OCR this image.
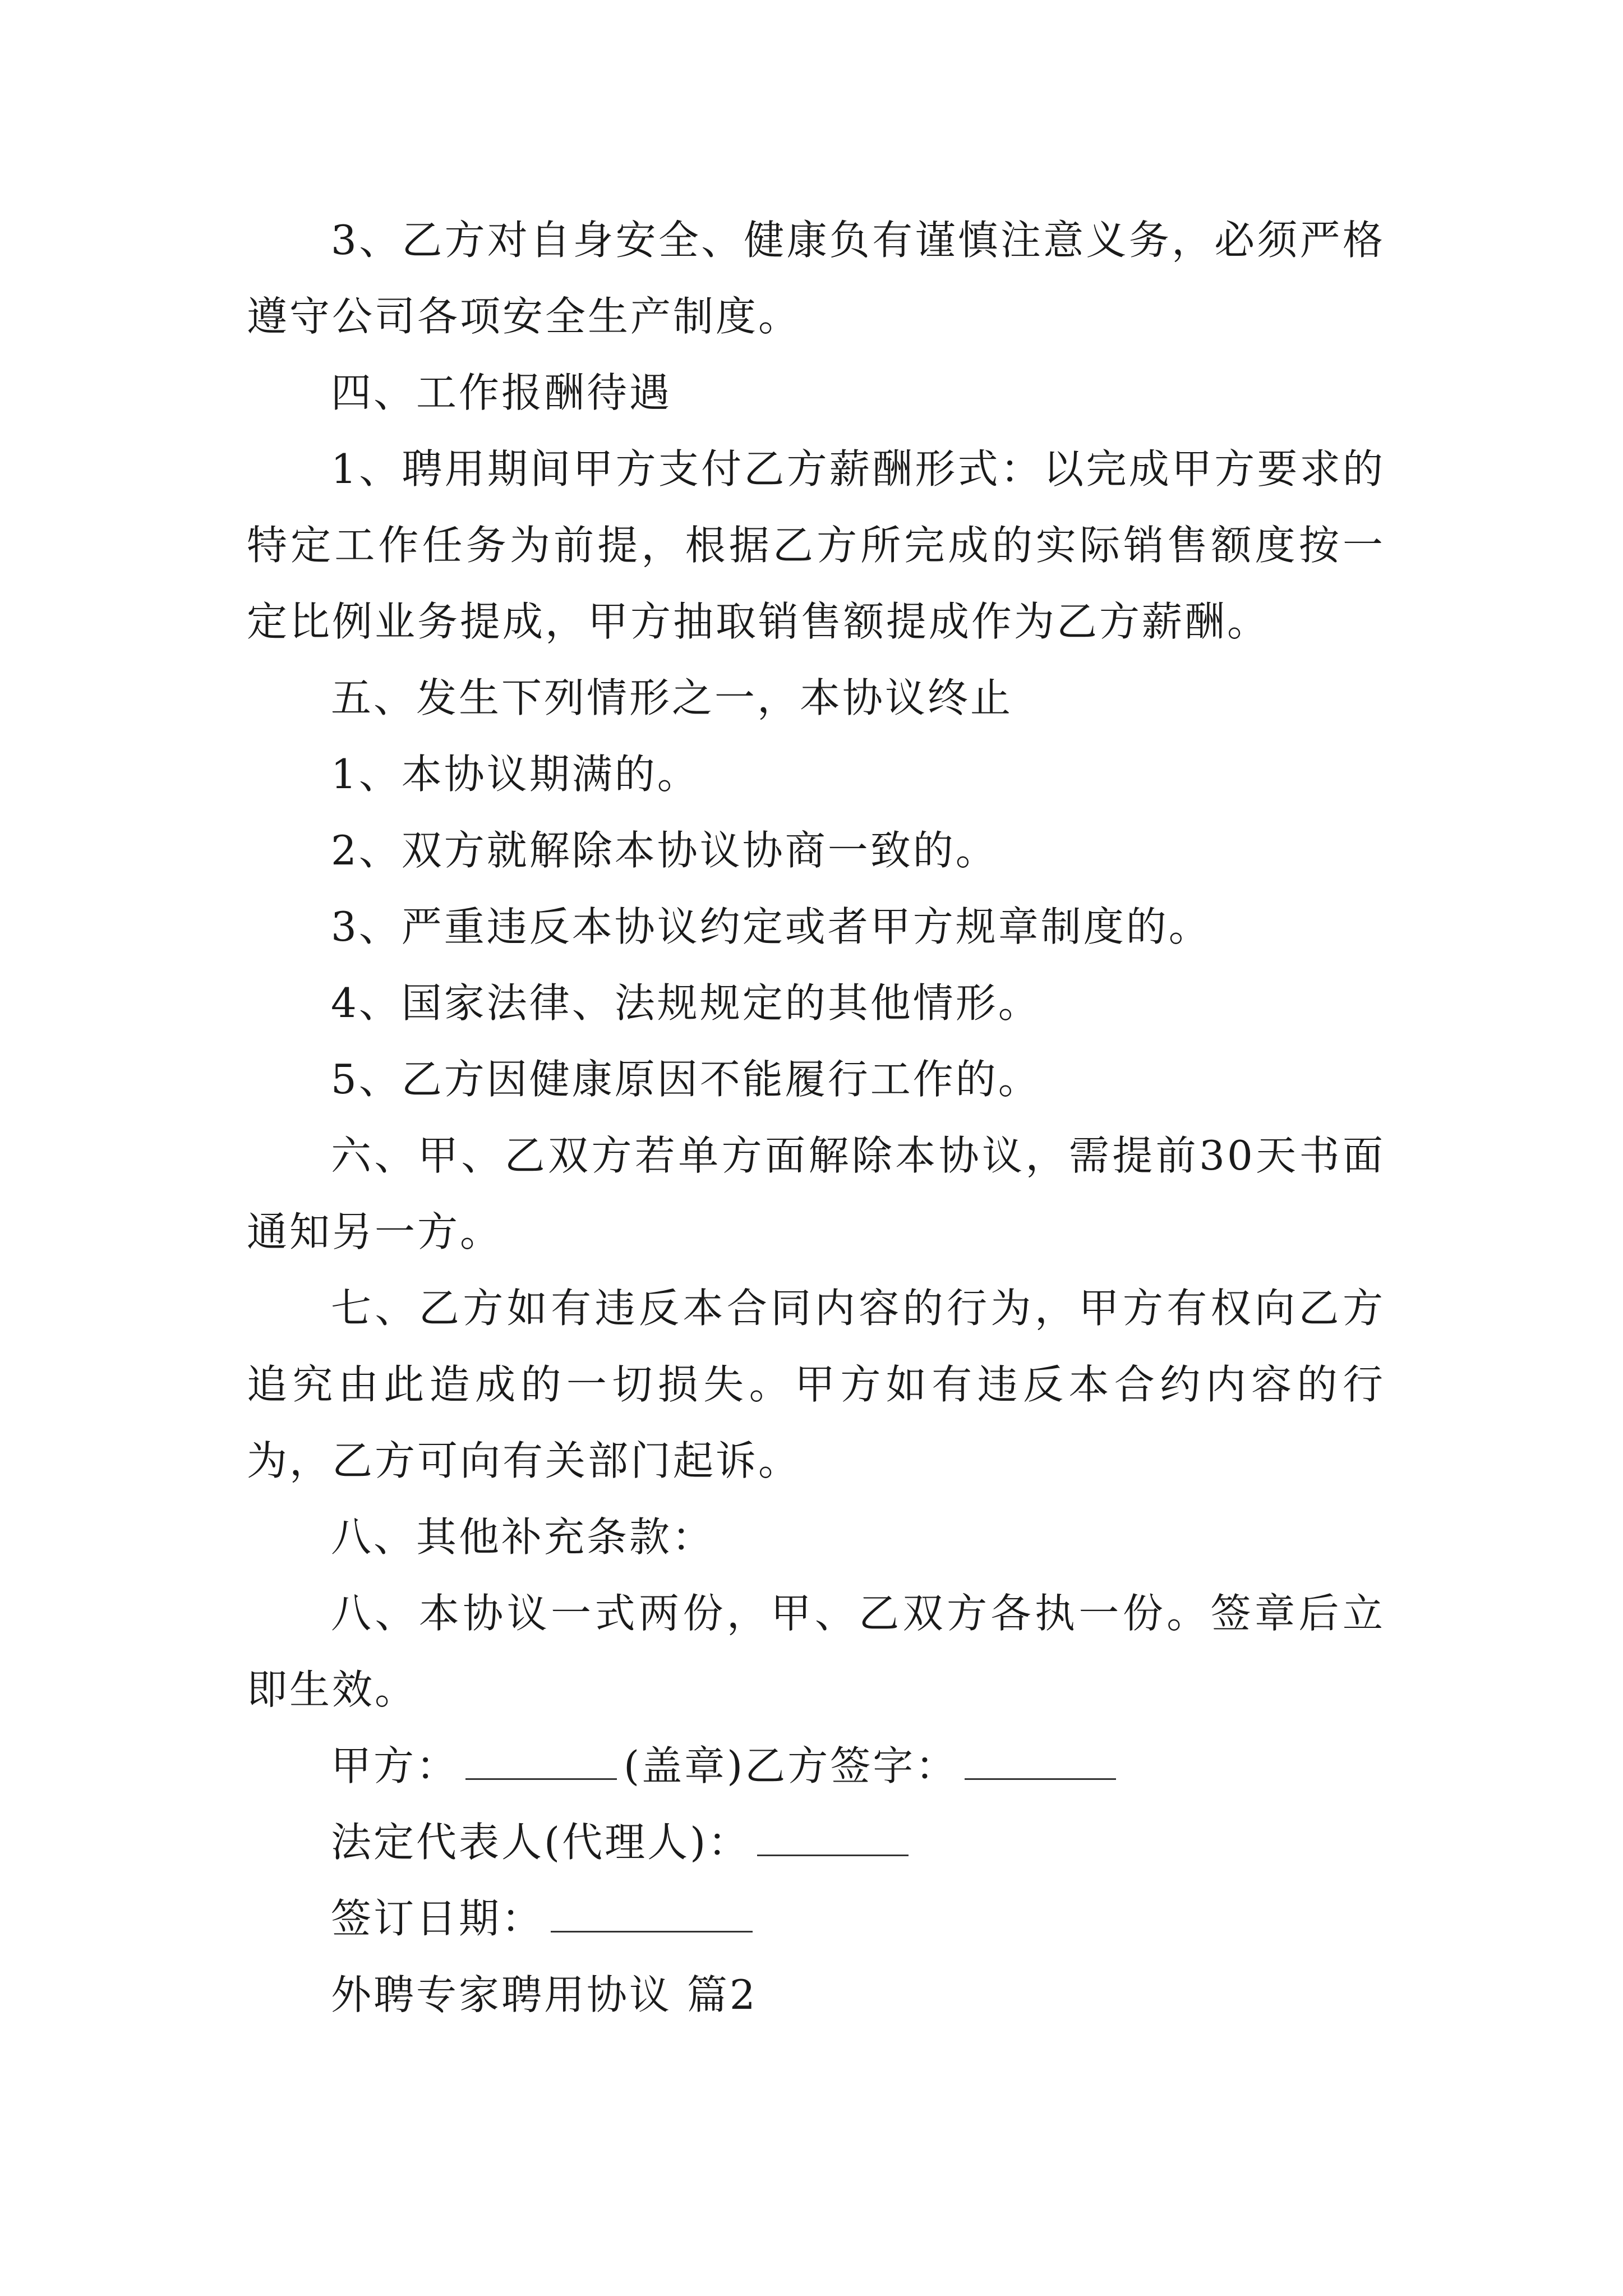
3、乙方对自身安全、健康负有谨慎注意义务，必须严格遵守公司各项安全生产制度。

四、工作报酬待遇

1、聘用期间甲方支付乙方薪酬形式：以完成甲方要求的特定工作任务为前提，根据乙方所完成的实际销售额度按一定比例业务提成，甲方抽取销售额提成作为乙方薪酬。

五、发生下列情形之一，本协议终止

1、本协议期满的。

2、双方就解除本协议协商一致的。

3、严重违反本协议约定或者甲方规章制度的。

4、国家法律、法规规定的其他情形。

5、乙方因健康原因不能履行工作的。

六、甲、乙双方若单方面解除本协议，需提前30天书面通知另一方。

七、乙方如有违反本合同内容的行为，甲方有权向乙方追究由此造成的一切损失。甲方如有违反本合约内容的行为，乙方可向有关部门起诉。

八、其他补充条款：

八、本协议一式两份，甲、乙双方各执一份。签章后立即生效。

甲方：	(盖章)乙方签字：

法定代表人(代理人)：

签订日期：

外聘专家聘用协议 篇2
